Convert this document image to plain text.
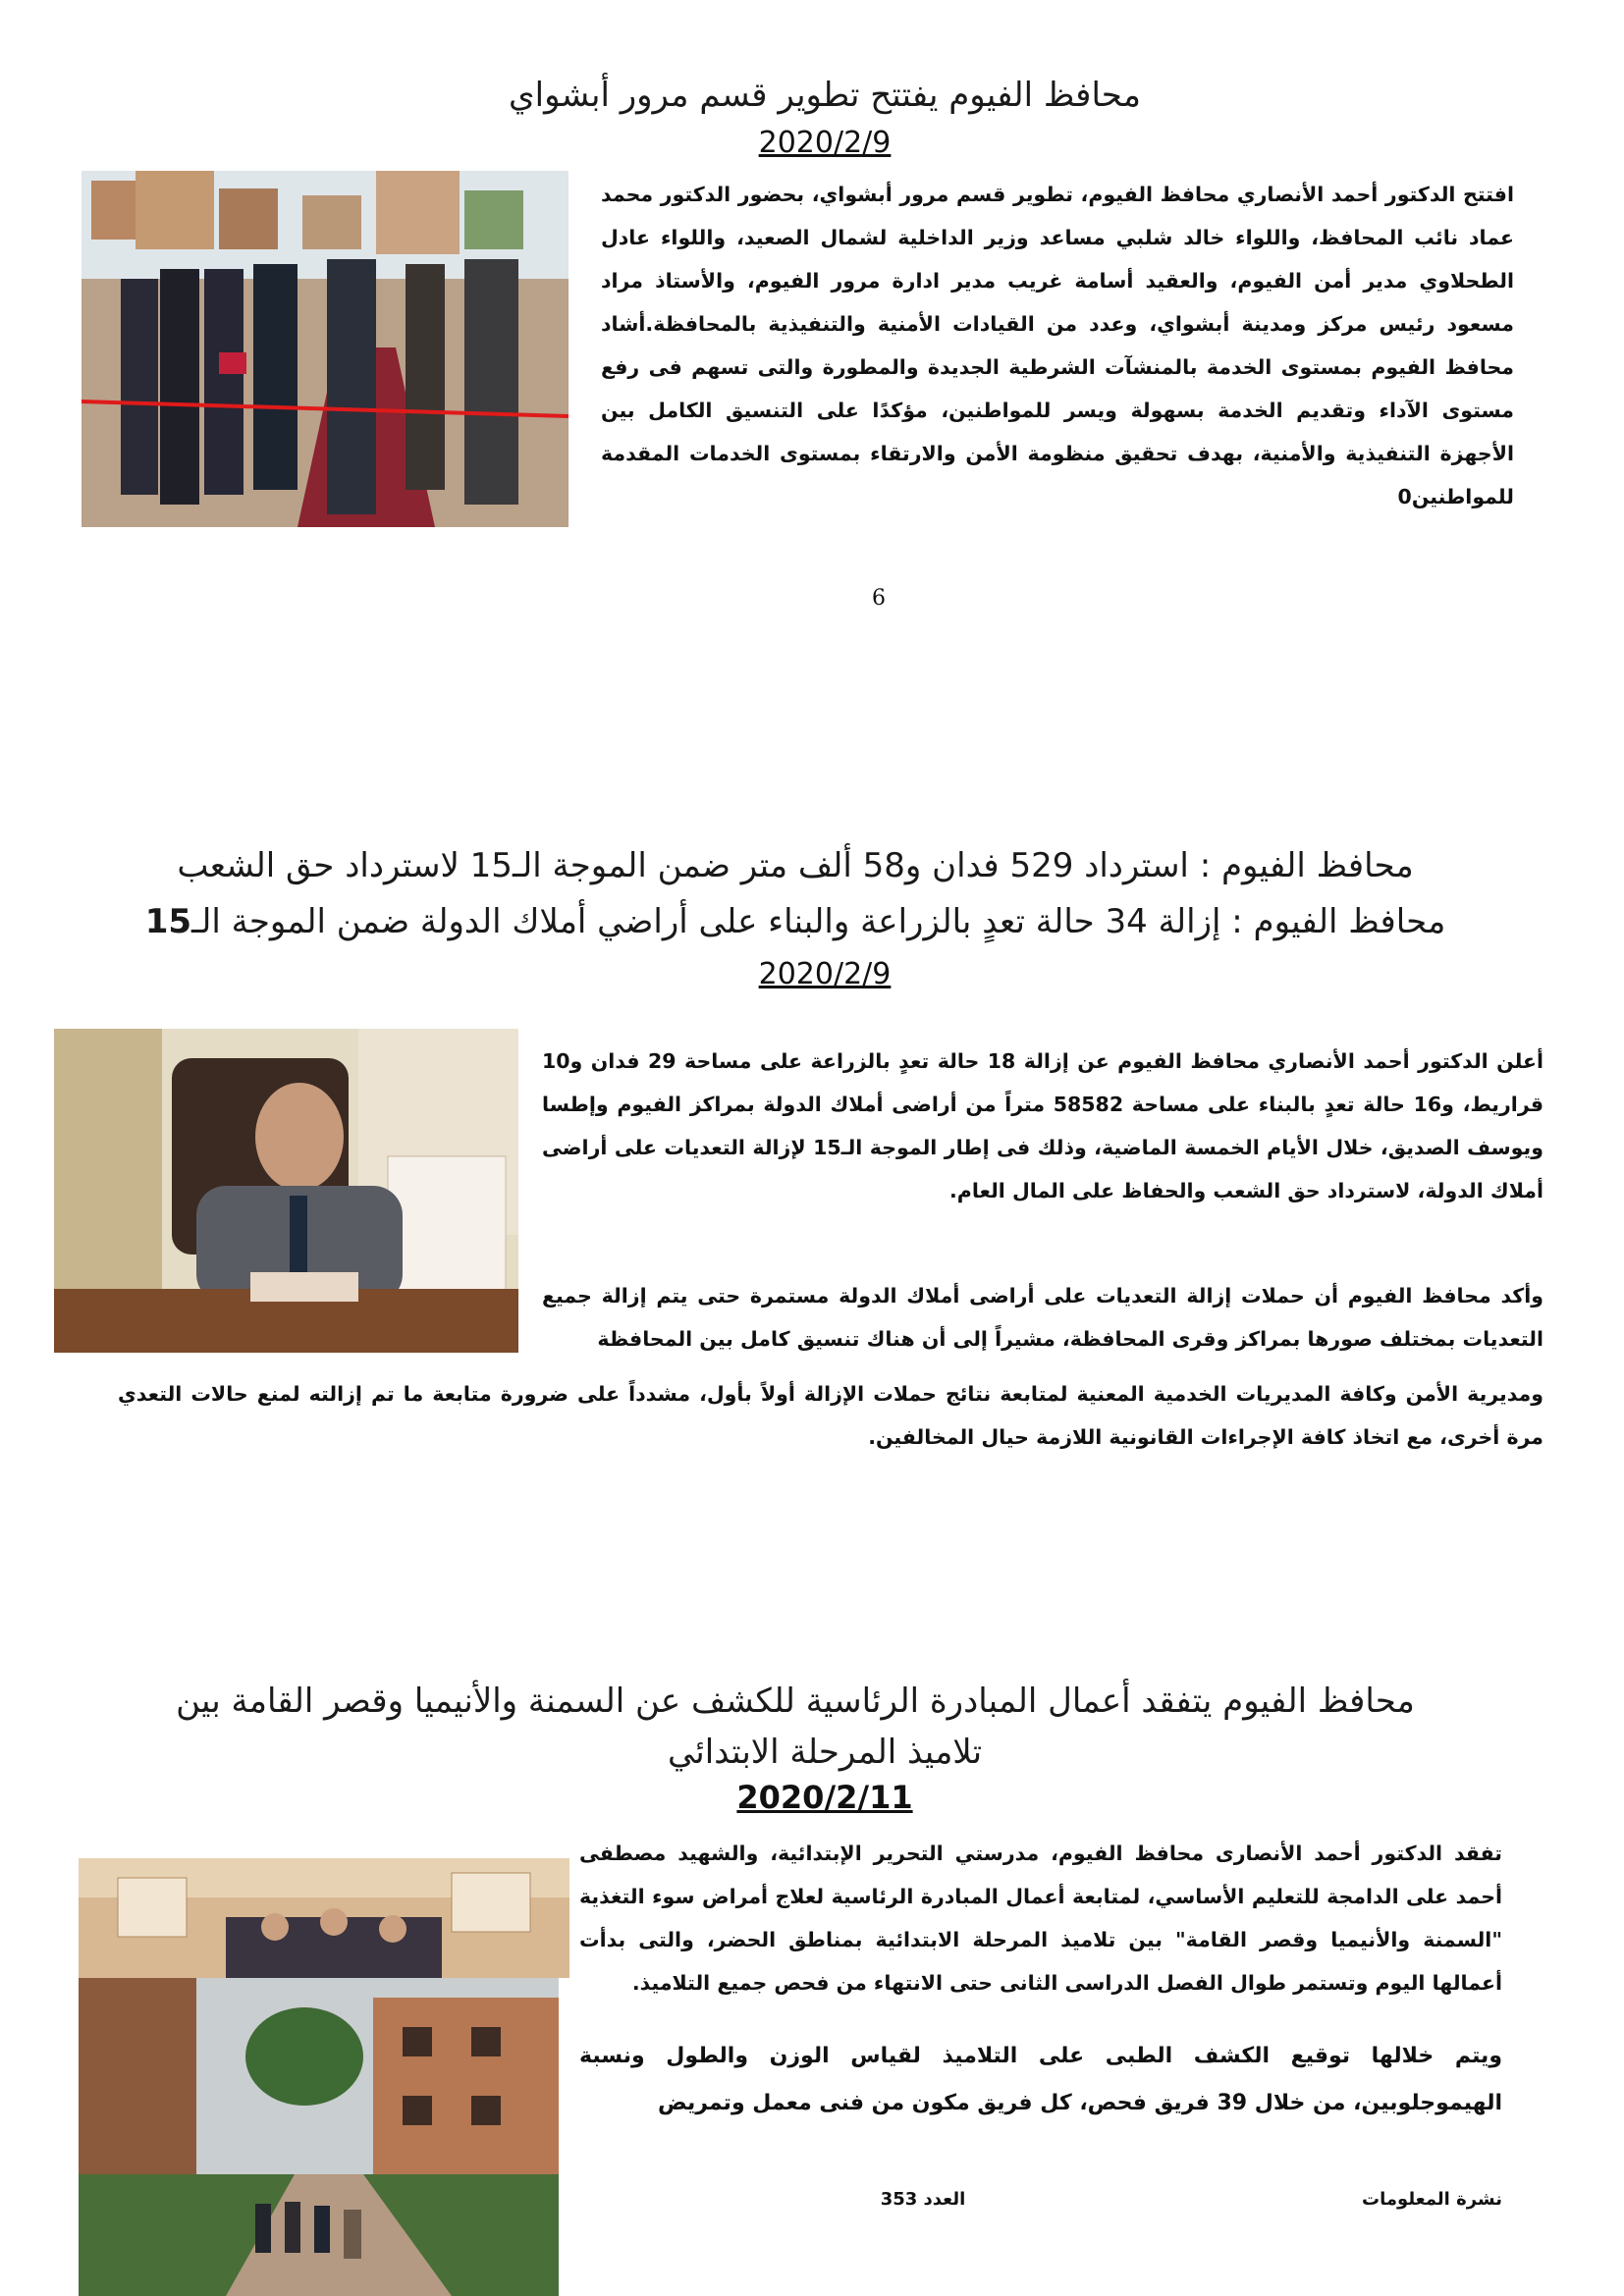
محافظ الفيوم يفتتح تطوير قسم مرور أبشواي
2020/2/9
افتتح الدكتور أحمد الأنصاري محافظ الفيوم، تطوير قسم مرور أبشواي، بحضور الدكتور محمد عماد نائب المحافظ، واللواء خالد شلبي مساعد وزير الداخلية لشمال الصعيد، واللواء عادل الطحلاوي مدير أمن الفيوم، والعقيد أسامة غريب مدير ادارة مرور الفيوم، والأستاذ مراد مسعود رئيس مركز ومدينة أبشواي، وعدد من القيادات الأمنية والتنفيذية بالمحافظة.أشاد محافظ الفيوم بمستوى الخدمة بالمنشآت الشرطية الجديدة والمطورة والتى تسهم فى رفع مستوى الآداء وتقديم الخدمة بسهولة ويسر للمواطنين، مؤكدًا على التنسيق الكامل بين الأجهزة التنفيذية والأمنية، بهدف تحقيق منظومة الأمن والارتقاء بمستوى الخدمات المقدمة للمواطنين0
6
محافظ الفيوم : استرداد 529 فدان و58 ألف متر ضمن الموجة الـ15 لاسترداد حق الشعب
محافظ الفيوم : إزالة 34 حالة تعدٍ بالزراعة والبناء على أراضي أملاك الدولة ضمن الموجة الـ15
2020/2/9
أعلن الدكتور أحمد الأنصاري محافظ الفيوم عن إزالة 18 حالة تعدٍ بالزراعة على مساحة 29 فدان و10 قراريط، و16 حالة تعدٍ بالبناء على مساحة 58582 متراً من أراضى أملاك الدولة بمراكز الفيوم وإطسا ويوسف الصديق، خلال الأيام الخمسة الماضية، وذلك فى إطار الموجة الـ15 لإزالة التعديات على أراضى أملاك الدولة، لاسترداد حق الشعب والحفاظ على المال العام.
وأكد محافظ الفيوم أن حملات إزالة التعديات على أراضى أملاك الدولة مستمرة حتى يتم إزالة جميع التعديات بمختلف صورها بمراكز وقرى المحافظة، مشيراً إلى أن هناك تنسيق كامل بين المحافظة
ومديرية الأمن وكافة المديريات الخدمية المعنية لمتابعة نتائج حملات الإزالة أولاً بأول، مشدداً على ضرورة متابعة ما تم إزالته لمنع حالات التعدي مرة أخرى، مع اتخاذ كافة الإجراءات القانونية اللازمة حيال المخالفين.
محافظ الفيوم يتفقد أعمال المبادرة الرئاسية للكشف عن السمنة والأنيميا وقصر القامة بين
تلاميذ المرحلة الابتدائي
2020/2/11
تفقد الدكتور أحمد الأنصارى محافظ الفيوم، مدرستي التحرير الإبتدائية، والشهيد مصطفى أحمد على الدامجة للتعليم الأساسي، لمتابعة أعمال المبادرة الرئاسية لعلاج أمراض سوء التغذية "السمنة والأنيميا وقصر القامة" بين تلاميذ المرحلة الابتدائية بمناطق الحضر، والتى بدأت أعمالها اليوم وتستمر طوال الفصل الدراسى الثانى حتى الانتهاء من فحص جميع التلاميذ.
ويتم خلالها توقيع الكشف الطبى على التلاميذ لقياس الوزن والطول ونسبة الهيموجلوبين، من خلال 39 فريق فحص، كل فريق مكون من فنى معمل وتمريض
العدد 353	نشرة المعلومات
